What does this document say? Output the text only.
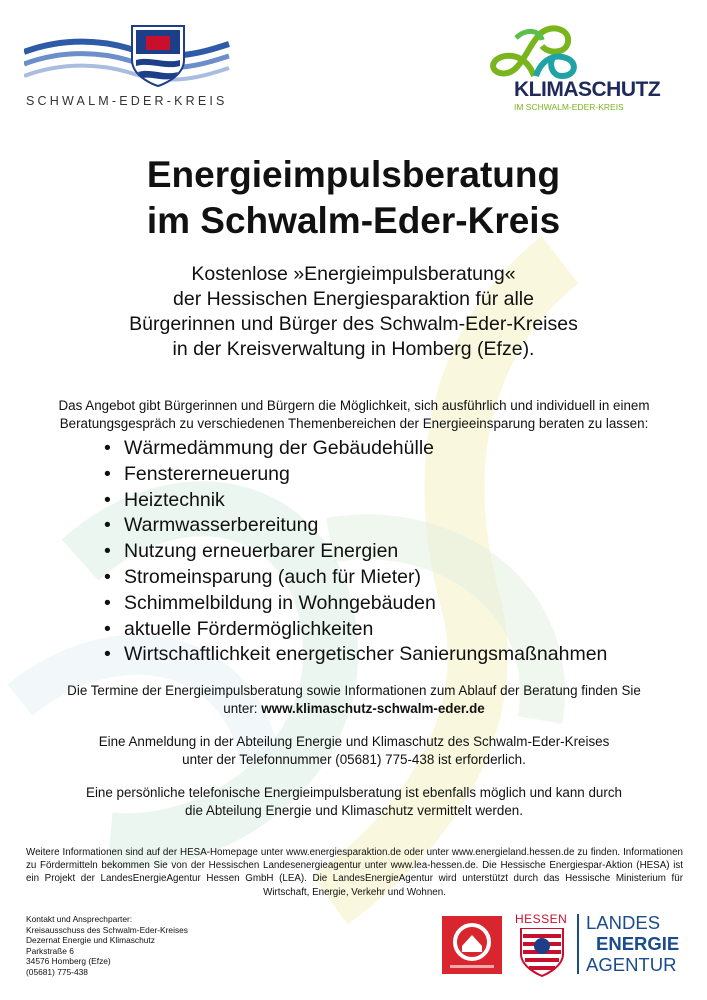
SCHWALM-EDER-KREIS	KLIMASCHUTZ
IM SCHWALM-EDER-KREIS
Energieimpulsberatung
im Schwalm-Eder-Kreis
Kostenlose »Energieimpulsberatung«
der Hessischen Energiesparaktion für alle
Bürgerinnen und Bürger des Schwalm-Eder-Kreises
in der Kreisverwaltung in Homberg (Efze).
Das Angebot gibt Bürgerinnen und Bürgern die Möglichkeit, sich ausführlich und individuell in einem
Beratungsgespräch zu verschiedenen Themenbereichen der Energieeinsparung beraten zu lassen:
• Wärmedämmung der Gebäudehülle
• Fenstererneuerung
• Heiztechnik
• Warmwasserbereitung
• Nutzung erneuerbarer Energien
• Stromeinsparung (auch für Mieter)
• Schimmelbildung in Wohngebäuden
• aktuelle Fördermöglichkeiten
• Wirtschaftlichkeit energetischer Sanierungsmaßnahmen
Die Termine der Energieimpulsberatung sowie Informationen zum Ablauf der Beratung finden Sie
unter: www.klimaschutz-schwalm-eder.de
Eine Anmeldung in der Abteilung Energie und Klimaschutz des Schwalm-Eder-Kreises
unter der Telefonnummer (05681) 775-438 ist erforderlich.
Eine persönliche telefonische Energieimpulsberatung ist ebenfalls möglich und kann durch
die Abteilung Energie und Klimaschutz vermittelt werden.
Weitere Informationen sind auf der HESA-Homepage unter www.energiesparaktion.de oder unter www.energieland.hessen.de zu finden. Informationen zu Fördermitteln bekommen Sie von der Hessischen Landesenergieagentur unter www.lea-hessen.de. Die Hessische Energiespar-Aktion (HESA) ist ein Projekt der LandesEnergieAgentur Hessen GmbH (LEA). Die LandesEnergieAgentur wird unterstützt durch das Hessische Ministerium für Wirtschaft, Energie, Verkehr und Wohnen.
Kontakt und Ansprechparter:
Kreisausschuss des Schwalm-Eder-Kreises
Dezernat Energie und Klimaschutz
Parkstraße 6
34576 Homberg (Efze)
(05681) 775-438
HESSEN LANDES
ENERGIE
AGENTUR
